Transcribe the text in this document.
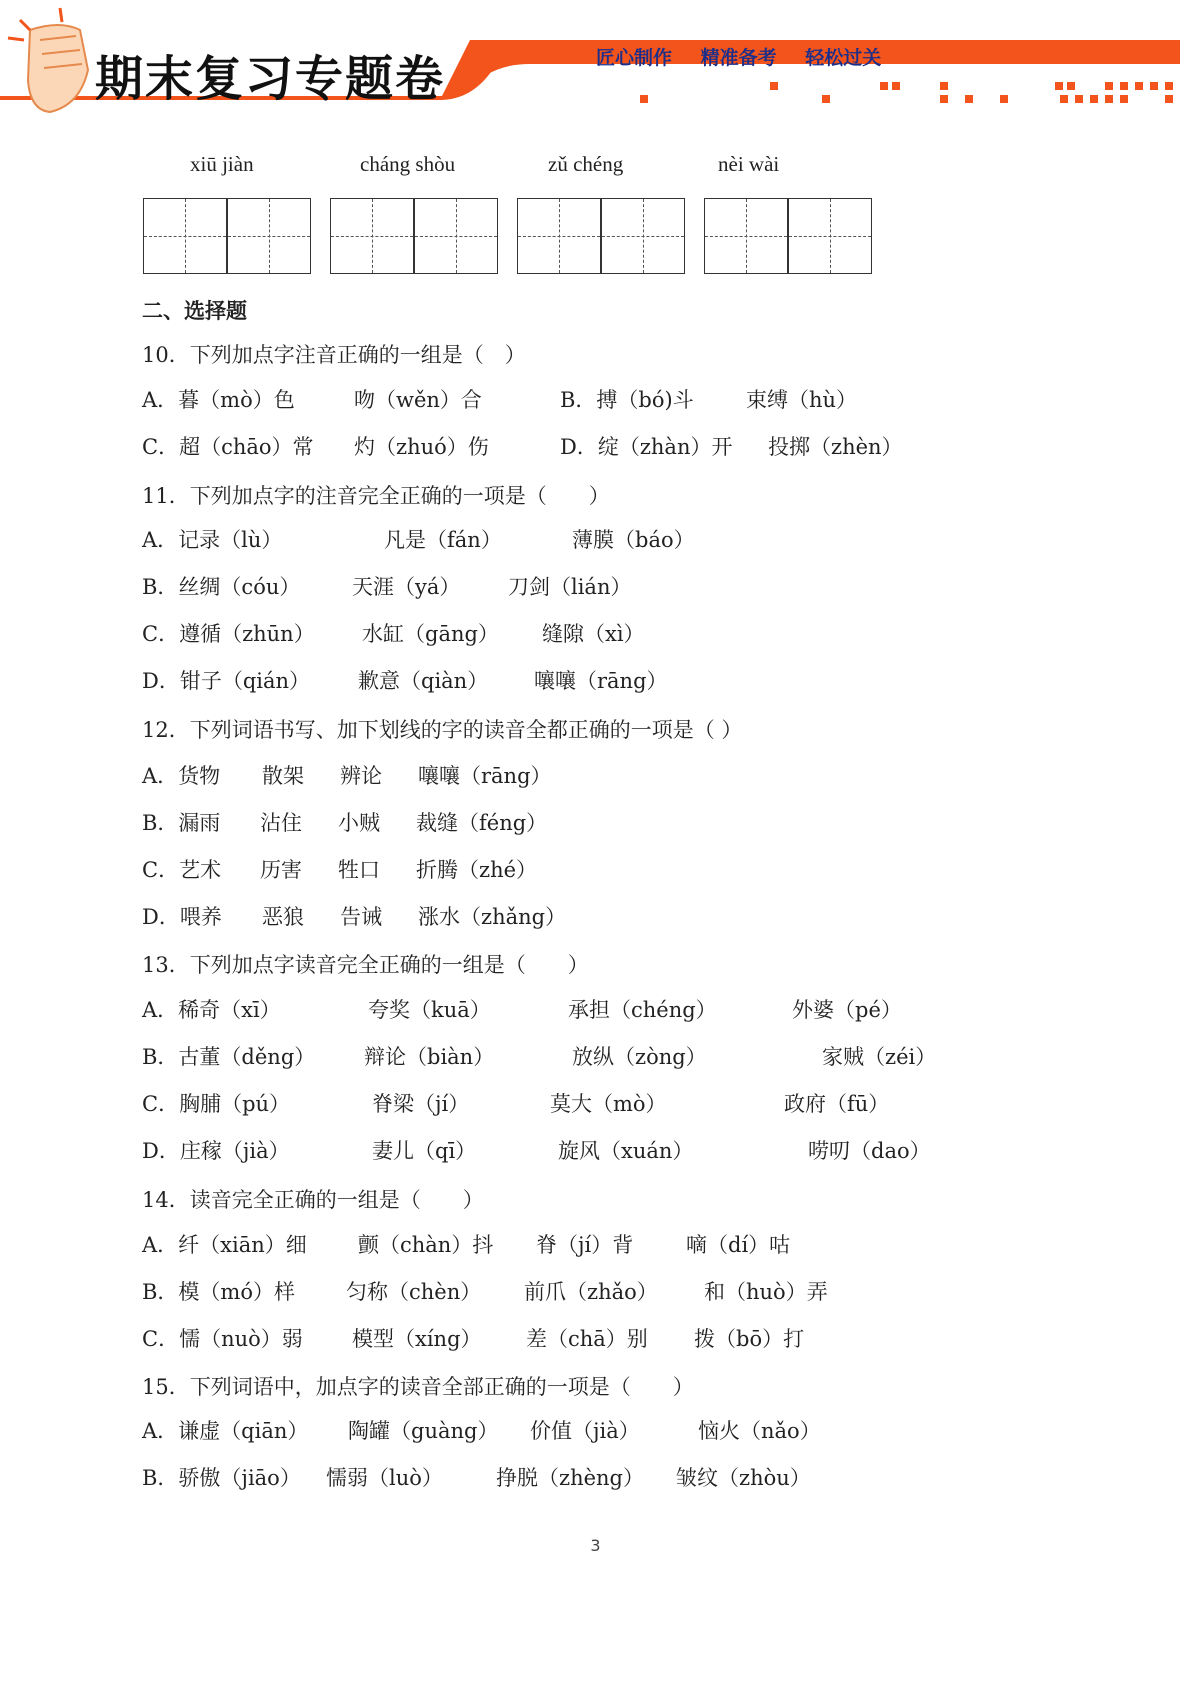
期末复习专题卷	匠心制作 精准备考 轻松过关
xiū jiàn	cháng shòu	zǔ chéng	nèi wài
二、选择题
10．下列加点字注音正确的一组是（　）
A．暮（mò）色	吻（wěn）合	B．搏（bó)斗 束缚（hù）
C．超（chāo）常 灼（zhuó）伤	D．绽（zhàn）开 投掷（zhèn）
11．下列加点字的注音完全正确的一项是（　　）
A．记录（lù）	凡是（fán）	薄膜（báo）
B．丝绸（cóu） 天涯（yá） 刀剑（lián）
C．遵循（zhūn） 水缸（gāng） 缝隙（xì）
D．钳子（qián） 歉意（qiàn） 嚷嚷（rāng）
12．下列词语书写、加下划线的字的读音全都正确的一项是（ ）
A．货物 散架 辨论 嚷嚷（rāng）
B．漏雨 沾住 小贼 裁缝（féng）
C．艺术 历害 牲口 折腾（zhé）
D．喂养 恶狼 告诫 涨水（zhǎng）
13．下列加点字读音完全正确的一组是（　　）
A．稀奇（xī）	夸奖（kuā）	承担（chéng）	外婆（pé）
B．古董（děng） 辩论（biàn）	放纵（zòng）	家贼（zéi）
C．胸脯（pú）	脊梁（jí）	莫大（mò）	政府（fū）
D．庄稼（jià）	妻儿（qī）	旋风（xuán）	唠叨（dao）
14．读音完全正确的一组是（　　）
A．纤（xiān）细 颤（chàn）抖 脊（jí）背	嘀（dí）咕
B．模（mó）样 匀称（chèn） 前爪（zhǎo） 和（huò）弄
C．懦（nuò）弱 模型（xíng） 差（chā）别 拨（bō）打
15．下列词语中，加点字的读音全部正确的一项是（　　）
A．谦虚（qiān） 陶罐（guàng） 价值（jià）	恼火（nǎo）
B．骄傲（jiāo） 懦弱（luò）	挣脱（zhèng） 皱纹（zhòu）
3
